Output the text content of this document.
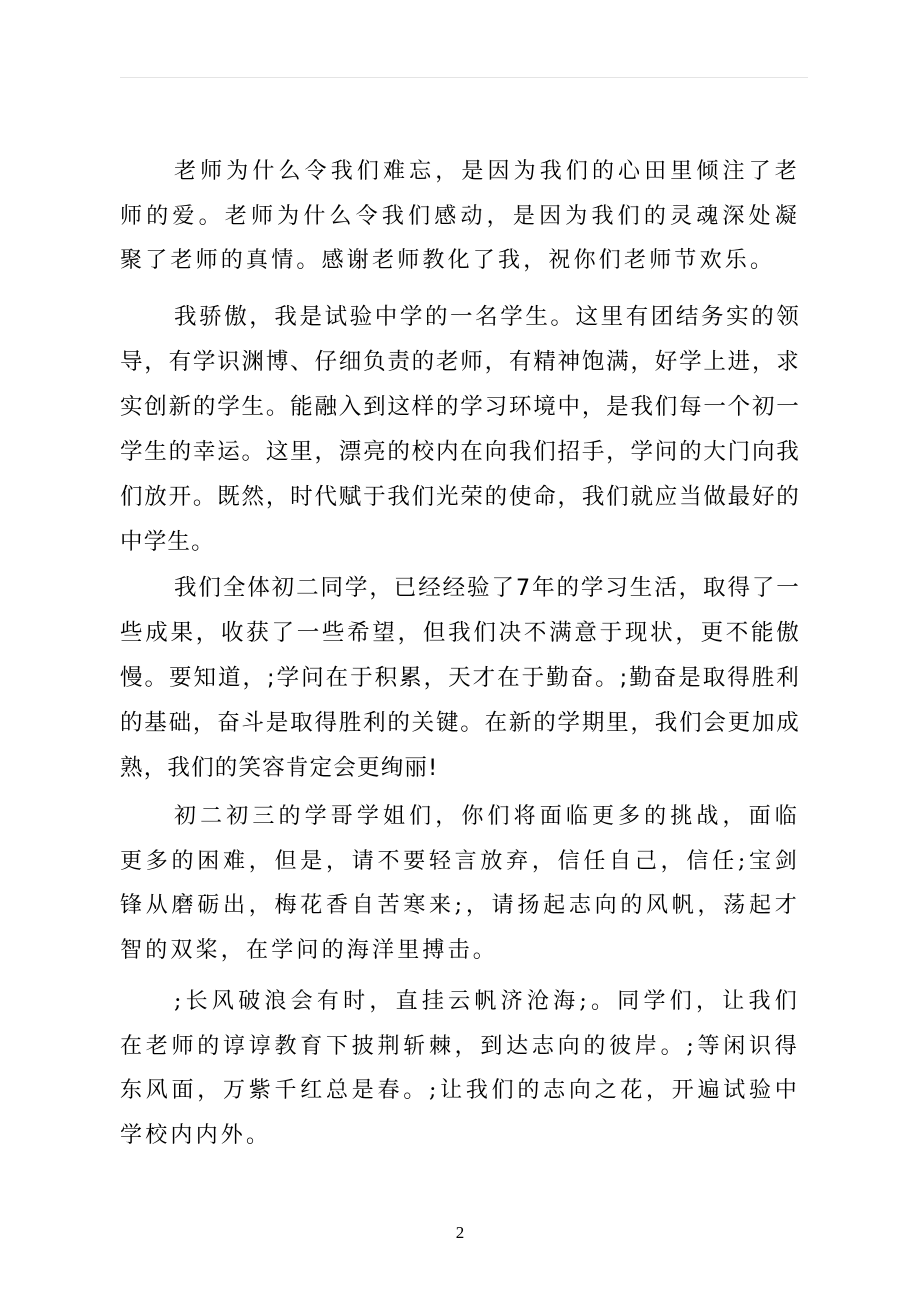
老师为什么令我们难忘，是因为我们的心田里倾注了老师的爱。老师为什么令我们感动，是因为我们的灵魂深处凝聚了老师的真情。感谢老师教化了我，祝你们老师节欢乐。

我骄傲，我是试验中学的一名学生。这里有团结务实的领导，有学识渊博、仔细负责的老师，有精神饱满，好学上进，求实创新的学生。能融入到这样的学习环境中，是我们每一个初一学生的幸运。这里，漂亮的校内在向我们招手，学问的大门向我们放开。既然，时代赋于我们光荣的使命，我们就应当做最好的中学生。

我们全体初二同学，已经经验了7年的学习生活，取得了一些成果，收获了一些希望，但我们决不满意于现状，更不能傲慢。要知道，;学问在于积累，天才在于勤奋。;勤奋是取得胜利的基础，奋斗是取得胜利的关键。在新的学期里，我们会更加成熟，我们的笑容肯定会更绚丽!

初二初三的学哥学姐们，你们将面临更多的挑战，面临更多的困难，但是，请不要轻言放弃，信任自己，信任;宝剑锋从磨砺出，梅花香自苦寒来;，请扬起志向的风帆，荡起才智的双桨，在学问的海洋里搏击。

;长风破浪会有时，直挂云帆济沧海;。同学们，让我们在老师的谆谆教育下披荆斩棘，到达志向的彼岸。;等闲识得东风面，万紫千红总是春。;让我们的志向之花，开遍试验中学校内内外。

2
